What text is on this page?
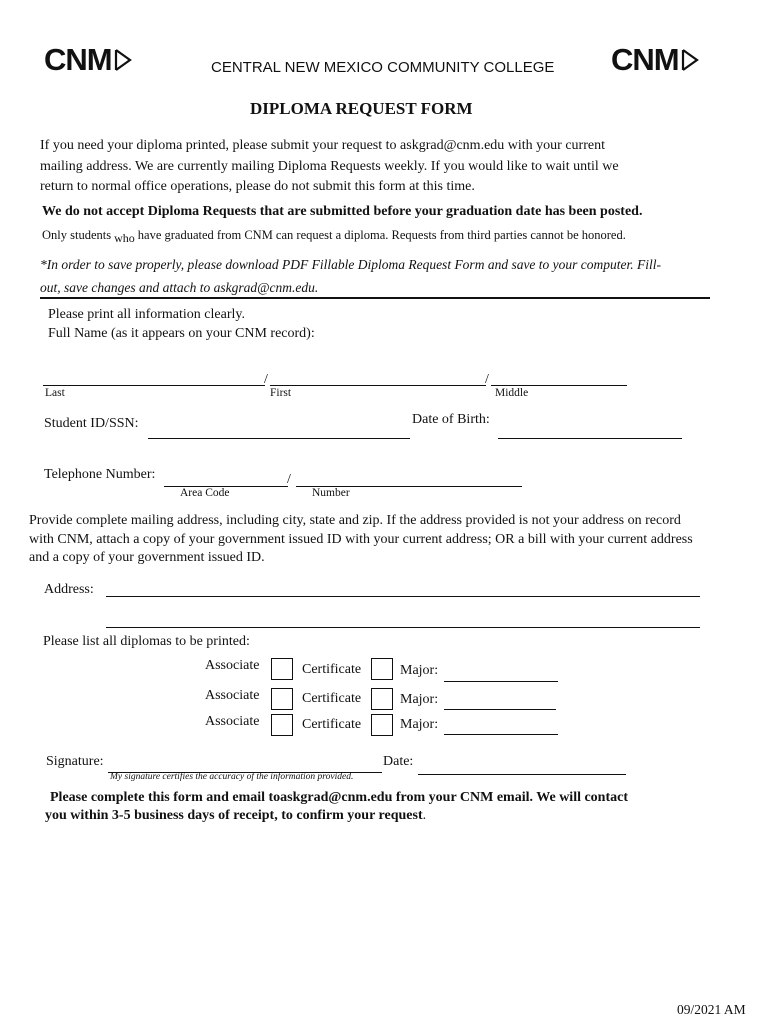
CNM	CENTRAL NEW MEXICO COMMUNITY COLLEGE CNM
DIPLOMA REQUEST FORM
If you need your diploma printed, please submit your request to askgrad@cnm.edu with your current
mailing address. We are currently mailing Diploma Requests weekly. If you would like to wait until we
return to normal office operations, please do not submit this form at this time.
We do not accept Diploma Requests that are submitted before your graduation date has been posted.
Only students who have graduated from CNM can request a diploma. Requests from third parties cannot be honored.
*In order to save properly, please download PDF Fillable Diploma Request Form and save to your computer. Fill-
out, save changes and attach to askgrad@cnm.edu.
Please print all information clearly.
Full Name (as it appears on your CNM record):
/	/
Last	First	Middle
Student ID/SSN:	Date of Birth:
Telephone Number:	/
Area Code	Number
Provide complete mailing address, including city, state and zip. If the address provided is not your address on record
with CNM, attach a copy of your government issued ID with your current address; OR a bill with your current address
and a copy of your government issued ID.
Address:
Please list all diplomas to be printed:
Associate	Certificate	Major:
Associate	Certificate	Major:
Associate	Certificate	Major:
Signature:	Date:
My signature certifies the accuracy of the information provided.
Please complete this form and email toaskgrad@cnm.edu from your CNM email. We will contact
you within 3-5 business days of receipt, to confirm your request.
09/2021 AM
